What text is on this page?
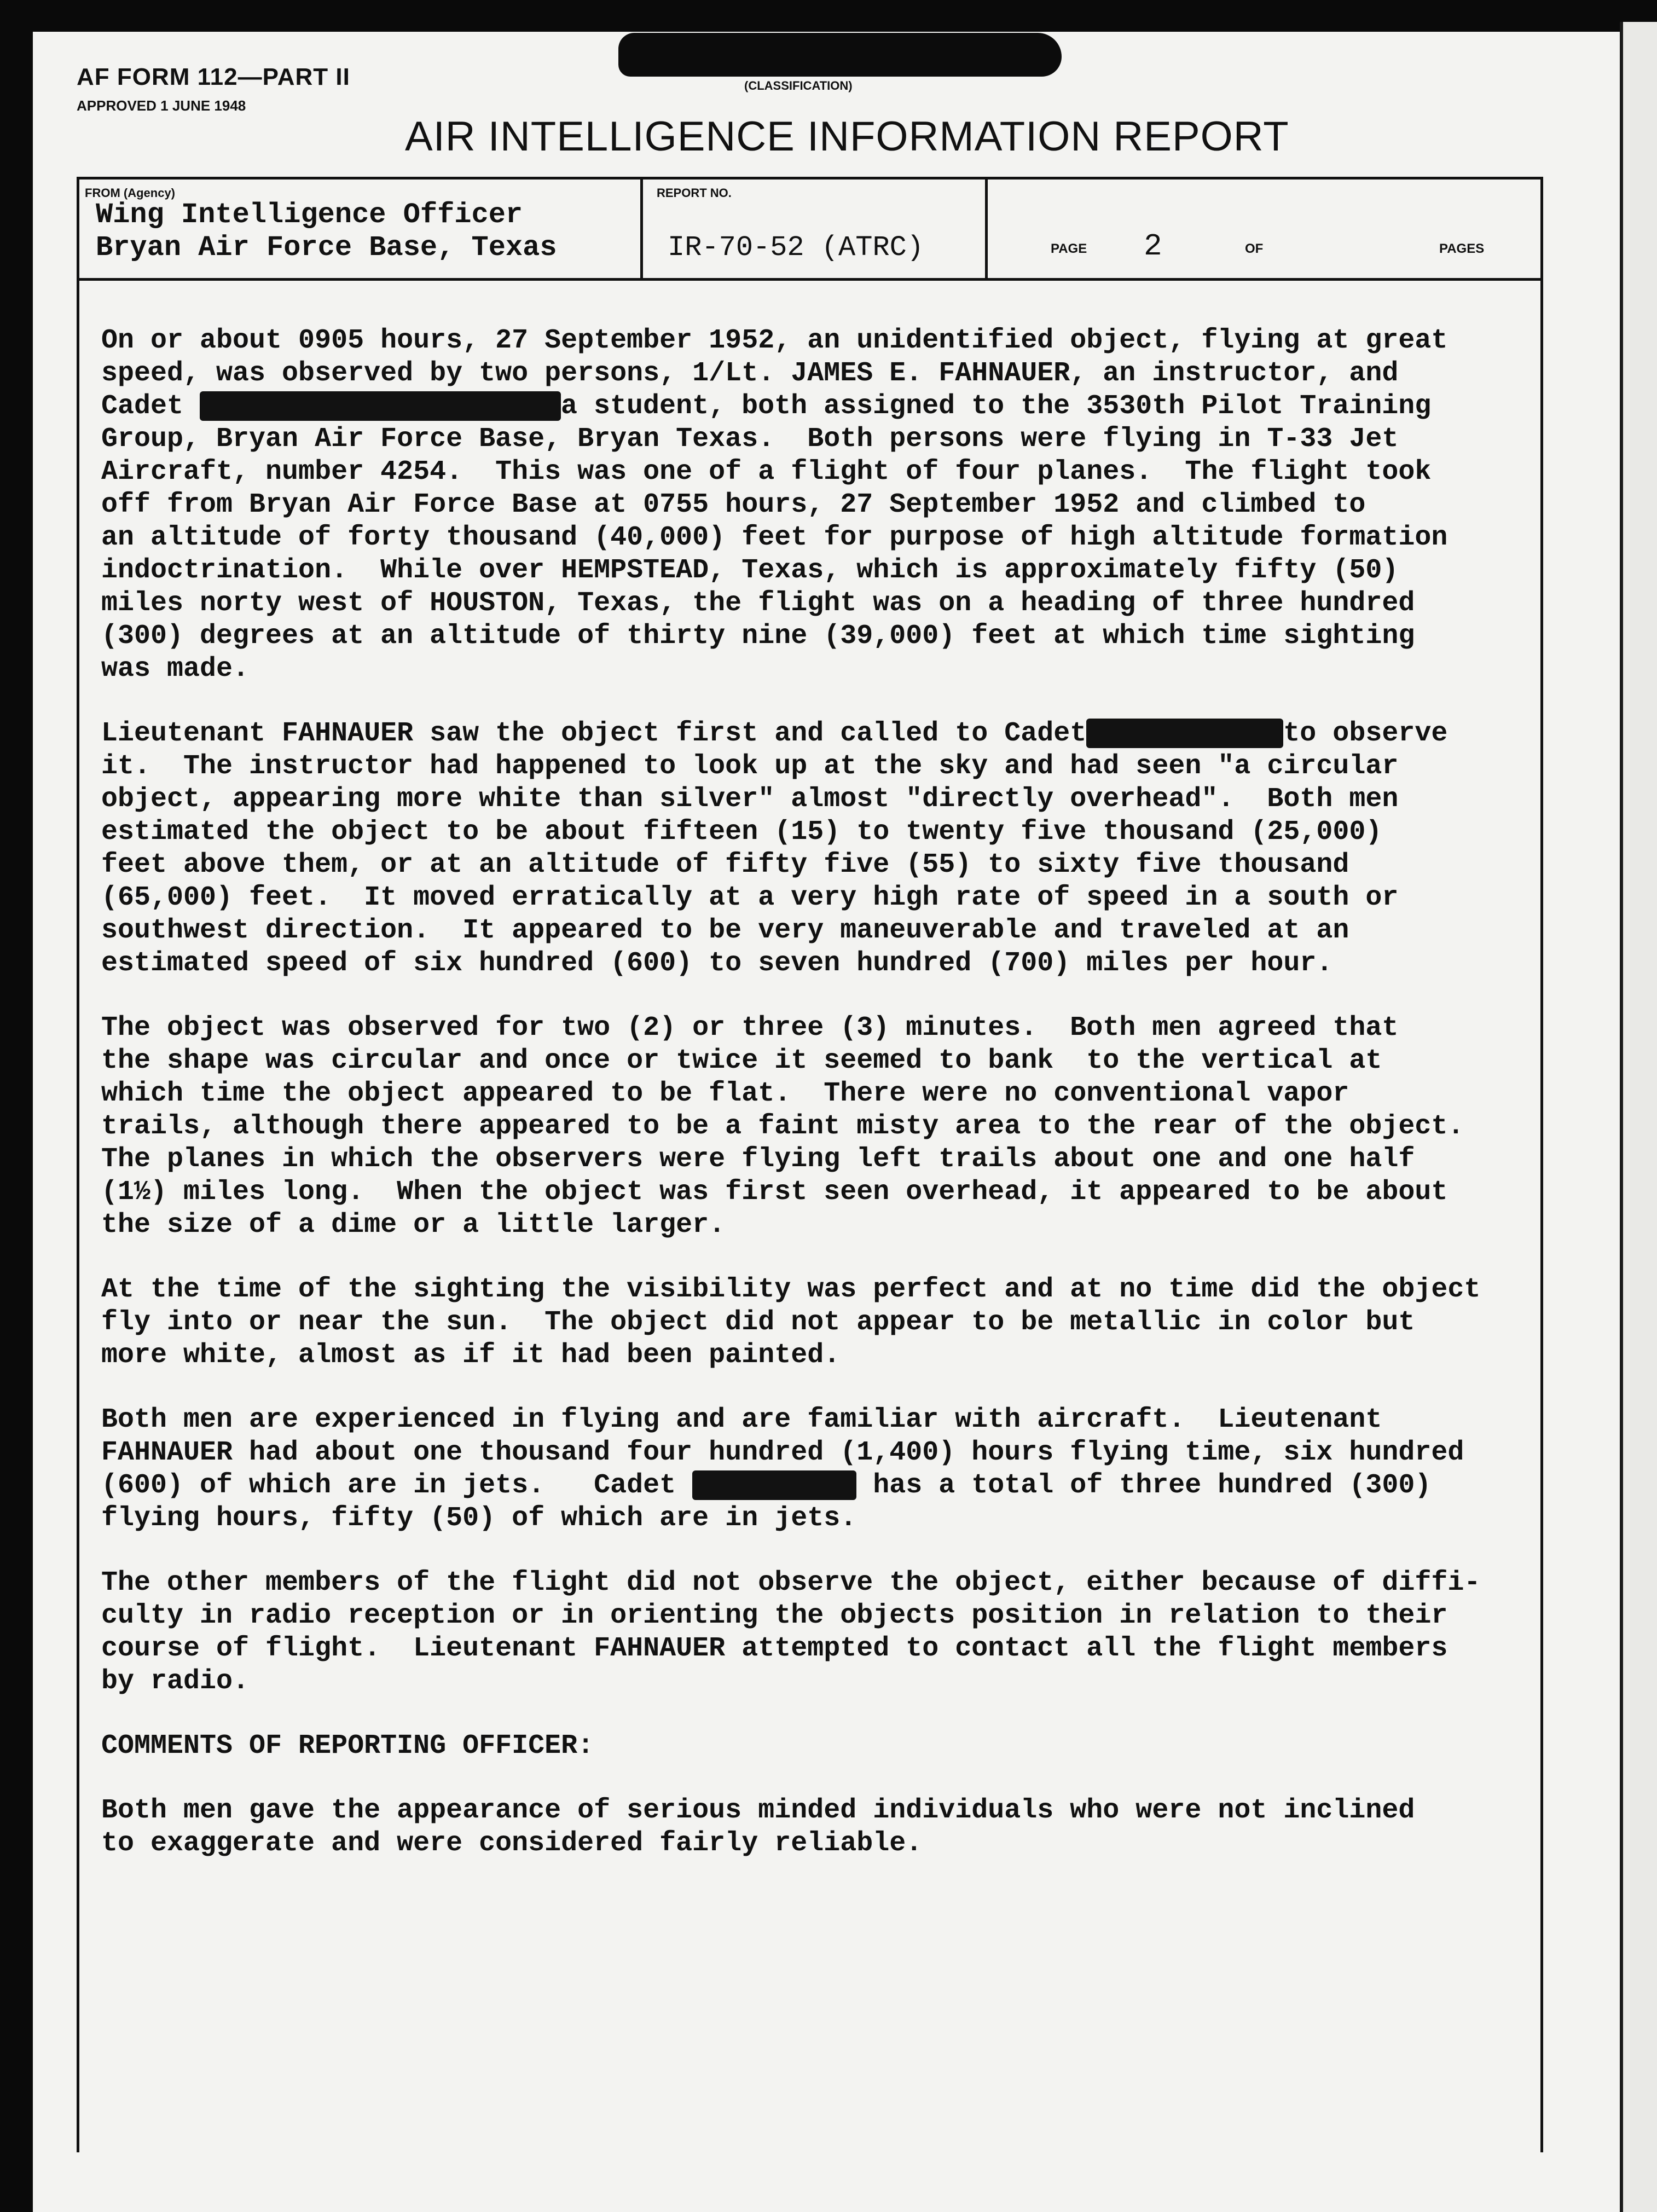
AF FORM 112—PART II
APPROVED 1 JUNE 1948
(CLASSIFICATION)
AIR INTELLIGENCE INFORMATION REPORT
FROM (Agency)
Wing Intelligence Officer
Bryan Air Force Base, Texas
REPORT NO.
IR-70-52 (ATRC)	PAGE 2	OF	PAGES
On or about 0905 hours, 27 September 1952, an unidentified object, flying at great
speed, was observed by two persons, 1/Lt. JAMES E. FAHNAUER, an instructor, and
Cadet	a student, both assigned to the 3530th Pilot Training
Group, Bryan Air Force Base, Bryan Texas.  Both persons were flying in T-33 Jet
Aircraft, number 4254.  This was one of a flight of four planes.  The flight took
off from Bryan Air Force Base at 0755 hours, 27 September 1952 and climbed to
an altitude of forty thousand (40,000) feet for purpose of high altitude formation
indoctrination.  While over HEMPSTEAD, Texas, which is approximately fifty (50)
miles norty west of HOUSTON, Texas, the flight was on a heading of three hundred
(300) degrees at an altitude of thirty nine (39,000) feet at which time sighting
was made.
Lieutenant FAHNAUER saw the object first and called to Cadet	to observe
it.  The instructor had happened to look up at the sky and had seen "a circular
object, appearing more white than silver" almost "directly overhead".  Both men
estimated the object to be about fifteen (15) to twenty five thousand (25,000)
feet above them, or at an altitude of fifty five (55) to sixty five thousand
(65,000) feet.  It moved erratically at a very high rate of speed in a south or
southwest direction.  It appeared to be very maneuverable and traveled at an
estimated speed of six hundred (600) to seven hundred (700) miles per hour.
The object was observed for two (2) or three (3) minutes.  Both men agreed that
the shape was circular and once or twice it seemed to bank  to the vertical at
which time the object appeared to be flat.  There were no conventional vapor
trails, although there appeared to be a faint misty area to the rear of the object.
The planes in which the observers were flying left trails about one and one half
(1½) miles long.  When the object was first seen overhead, it appeared to be about
the size of a dime or a little larger.
At the time of the sighting the visibility was perfect and at no time did the object
fly into or near the sun.  The object did not appear to be metallic in color but
more white, almost as if it had been painted.
Both men are experienced in flying and are familiar with aircraft.  Lieutenant
FAHNAUER had about one thousand four hundred (1,400) hours flying time, six hundred
(600) of which are in jets.   Cadet	has a total of three hundred (300)
flying hours, fifty (50) of which are in jets.
The other members of the flight did not observe the object, either because of diffi-
culty in radio reception or in orienting the objects position in relation to their
course of flight.  Lieutenant FAHNAUER attempted to contact all the flight members
by radio.
COMMENTS OF REPORTING OFFICER:
Both men gave the appearance of serious minded individuals who were not inclined
to exaggerate and were considered fairly reliable.
